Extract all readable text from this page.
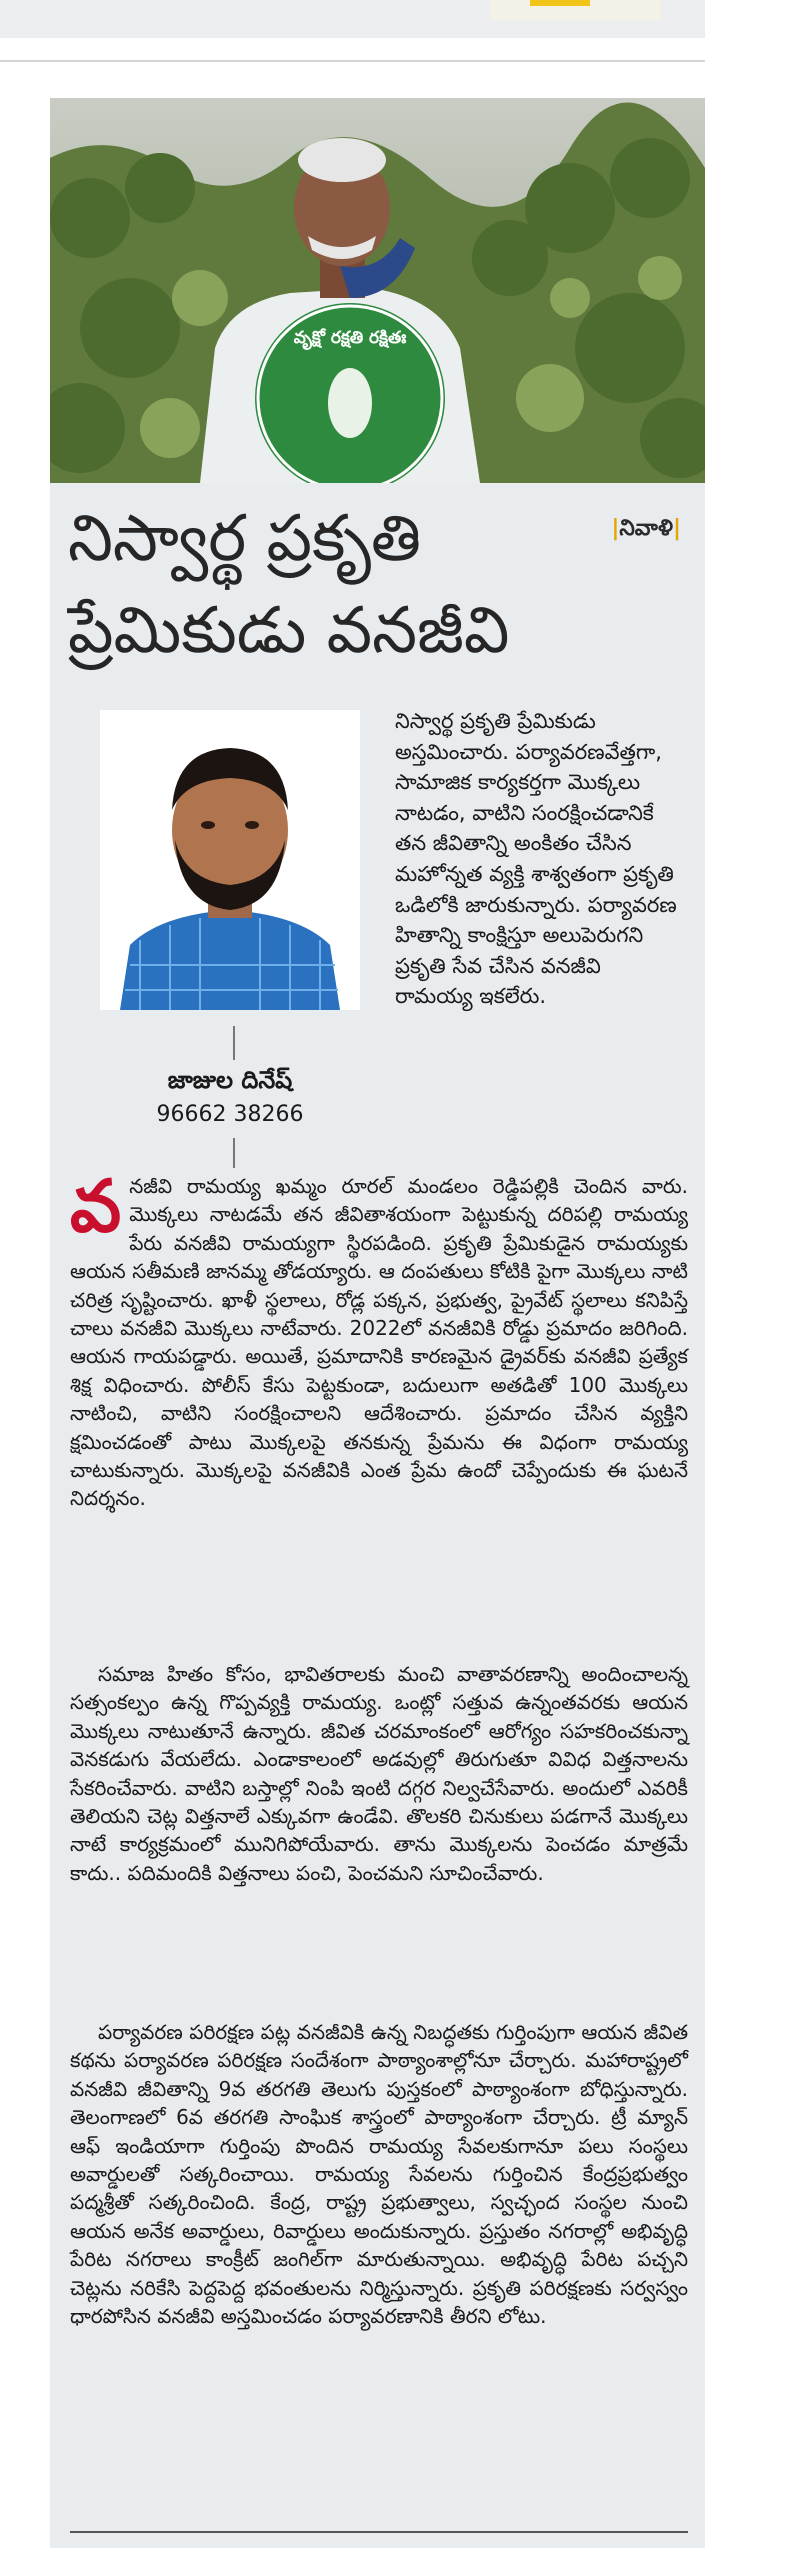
వృక్షో రక్షతి రక్షితః
నిస్వార్థ ప్రకృతి
ప్రేమికుడు వనజీవి
|నివాళి|
జాజుల దినేష్
96662 38266

నిస్వార్థ ప్రకృతి ప్రేమికుడు అస్తమించారు. పర్యావరణవేత్తగా, సామాజిక కార్యకర్తగా మొక్కలు నాటడం, వాటిని సంరక్షించడానికే తన జీవితాన్ని అంకితం చేసిన మహోన్నత వ్యక్తి శాశ్వతంగా ప్రకృతి ఒడిలోకి జారుకున్నారు. పర్యావరణ హితాన్ని కాంక్షిస్తూ అలుపెరుగని ప్రకృతి సేవ చేసిన వనజీవి రామయ్య ఇకలేరు.

వనజీవి రామయ్య ఖమ్మం రూరల్ మండలం రెడ్డిపల్లికి చెందిన వారు. మొక్కలు నాటడమే తన జీవితాశయంగా పెట్టుకున్న దరిపల్లి రామయ్య పేరు వనజీవి రామయ్యగా స్థిరపడింది. ప్రకృతి ప్రేమికుడైన రామయ్యకు ఆయన సతీమణి జానమ్మ తోడయ్యారు. ఆ దంపతులు కోటికి పైగా మొక్కలు నాటి చరిత్ర సృష్టించారు. ఖాళీ స్థలాలు, రోడ్ల పక్కన, ప్రభుత్వ, ప్రైవేట్ స్థలాలు కనిపిస్తే చాలు వనజీవి మొక్కలు నాటేవారు. 2022లో వనజీవికి రోడ్డు ప్రమాదం జరిగింది. ఆయన గాయపడ్డారు. అయితే, ప్రమాదానికి కారణమైన డ్రైవర్‌కు వనజీవి ప్రత్యేక శిక్ష విధించారు. పోలీస్ కేసు పెట్టకుండా, బదులుగా అతడితో 100 మొక్కలు నాటించి, వాటిని సంరక్షించాలని ఆదేశించారు. ప్రమాదం చేసిన వ్యక్తిని క్షమించడంతో పాటు మొక్కలపై తనకున్న ప్రేమను ఈ విధంగా రామయ్య చాటుకున్నారు. మొక్కలపై వనజీవికి ఎంత ప్రేమ ఉందో చెప్పేందుకు ఈ ఘటనే నిదర్శనం.

సమాజ హితం కోసం, భావితరాలకు మంచి వాతావరణాన్ని అందించాలన్న సత్సంకల్పం ఉన్న గొప్పవ్యక్తి రామయ్య. ఒంట్లో సత్తువ ఉన్నంతవరకు ఆయన మొక్కలు నాటుతూనే ఉన్నారు. జీవిత చరమాంకంలో ఆరోగ్యం సహకరించకున్నా వెనకడుగు వేయలేదు. ఎండాకాలంలో అడవుల్లో తిరుగుతూ వివిధ విత్తనాలను సేకరించేవారు. వాటిని బస్తాల్లో నింపి ఇంటి దగ్గర నిల్వచేసేవారు. అందులో ఎవరికీ తెలియని చెట్ల విత్తనాలే ఎక్కువగా ఉండేవి. తొలకరి చినుకులు పడగానే మొక్కలు నాటే కార్యక్రమంలో మునిగిపోయేవారు. తాను మొక్కలను పెంచడం మాత్రమే కాదు.. పదిమందికి విత్తనాలు పంచి, పెంచమని సూచించేవారు.

పర్యావరణ పరిరక్షణ పట్ల వనజీవికి ఉన్న నిబద్ధతకు గుర్తింపుగా ఆయన జీవిత కథను పర్యావరణ పరిరక్షణ సందేశంగా పాఠ్యాంశాల్లోనూ చేర్చారు. మహారాష్ట్రలో వనజీవి జీవితాన్ని 9వ తరగతి తెలుగు పుస్తకంలో పాఠ్యాంశంగా బోధిస్తున్నారు. తెలంగాణలో 6వ తరగతి సాంఘిక శాస్త్రంలో పాఠ్యాంశంగా చేర్చారు. ట్రీ మ్యాన్ ఆఫ్ ఇండియాగా గుర్తింపు పొందిన రామయ్య సేవలకుగానూ పలు సంస్థలు అవార్డులతో సత్కరించాయి. రామయ్య సేవలను గుర్తించిన కేంద్రప్రభుత్వం పద్మశ్రీతో సత్కరించింది. కేంద్ర, రాష్ట్ర ప్రభుత్వాలు, స్వచ్ఛంద సంస్థల నుంచి ఆయన అనేక అవార్డులు, రివార్డులు అందుకున్నారు. ప్రస్తుతం నగరాల్లో అభివృద్ధి పేరిట నగరాలు కాంక్రీట్ జంగిల్‌గా మారుతున్నాయి. అభివృద్ధి పేరిట పచ్చని చెట్లను నరికేసి పెద్దపెద్ద భవంతులను నిర్మిస్తున్నారు. ప్రకృతి పరిరక్షణకు సర్వస్వం ధారపోసిన వనజీవి అస్తమించడం పర్యావరణానికి తీరని లోటు.
